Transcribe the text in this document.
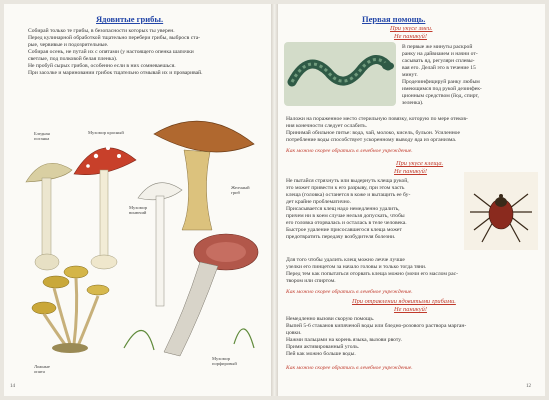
Ядовитые грибы.
Собирай только те грибы, в безопасности которых ты уверен.
Перед кулинарной обработкой тщательно перебери грибы, выбросв ста-
рые, червивые и подозрительные.
Собирая осень, не путай их с опятами (у настоящего опенка шапочки
светлые, под полковой белая пленка).
Не пробуй сырых грибов, особенно если в них сомневаешься.
При засолке и мариновании грибок тщательно отмывай их и проваривай.
Бледная
поганка
Мухомор красный
Мухомор
вонючий
Желчный
гриб
Ложные
опята
Мухомор
порфировый
14
Первая помощь.
При укусе змеи.
Не паникуй!
В первые же минуты раскрой
ранку на дайвиаием и начни от-
сасывать яд, регулярн сплевы-
вая его. Делай это в течение 15
минут.
Продезинфицируй ранку любым
имеющимся под рукой дезинфек-
ционным средством (йод, спирт,
зеленка).
Наложи на пораженное место стерильную повязку, которую по мере отеков-
ния конечности следует ослабить.
Принимай обильное питье: вода, чай, молоко, кисель, бульон. Усиленное
потребление воды способствует ускоренному выводу яда из организма.
Как можно скорее обратись в лечебное учреждение.
При укусе клеща.
Не паникуй!
Не пытайся стряхнуть или выдернуть клеща рукой,
это может привести к его разрыву, при этом часть
клеща (головка) останется в коже и вытащить ее бу-
дет крайне проблематично.
Присасывается клещ надо немедленно удалить,
причем ни в коем случае нельзя допускать, чтобы
его головка оторвалась и осталась в теле человека.
Быстрое удаление присосавшегося клеща может
предотвратить передачу возбудителя болезни.
Для того чтобы удалить клещ можно лечче лучше
узелки его пинцетом за начало головы и только тогда тяни.
Перед тем как попытаться оторвать клеща можно (мочи его маслом рас-
твором или спиртом.
Как можно скорее обратись в лечебное учреждение.
При отравлении ядовитыми грибами.
Не паникуй!
Немедленно вызови скорую помощь.
Выпей 5-6 стаканов кипяченой воды или бледно-розового раствора марган-
цовки.
Нажми пальцами на корень языка, вызови рвоту.
Прими активированный уголь.
Пей как можно больше воды.
Как можно скорее обратись в лечебное учреждение.
12
